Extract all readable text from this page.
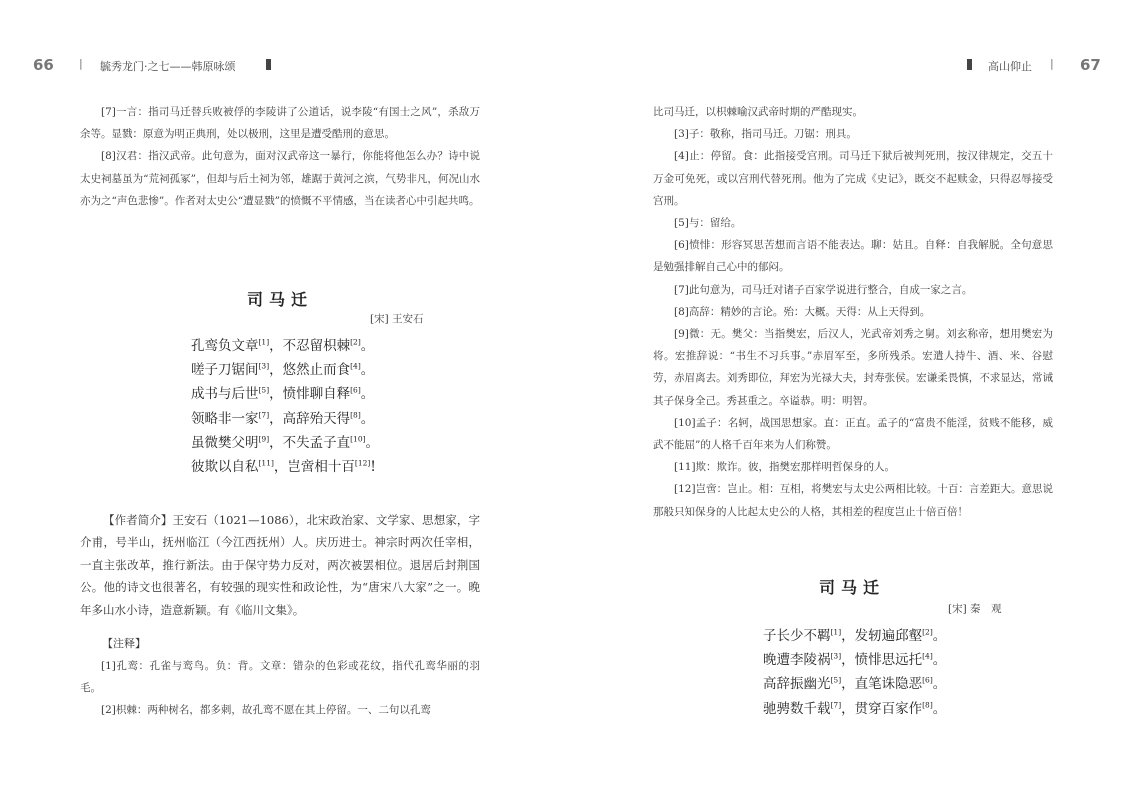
66 | 毓秀龙门·之七——韩原咏颂

[7]一言：指司马迁替兵败被俘的李陵讲了公道话，说李陵“有国士之风”，杀敌万余等。显戮：原意为明正典刑，处以极刑，这里是遭受酷刑的意思。

[8]汉君：指汉武帝。此句意为，面对汉武帝这一暴行，你能将他怎么办？诗中说太史祠墓虽为“荒祠孤冢”，但却与后土祠为邻，雄踞于黄河之滨，气势非凡，何况山水亦为之“声色悲惨”。作者对太史公“遭显戮”的愤慨不平情感，当在读者心中引起共鸣。

司马迁
[宋] 王安石
孔鸾负文章[1]，不忍留枳棘[2]。
嗟子刀锯间[3]，悠然止而食[4]。
成书与后世[5]，愤悱聊自释[6]。
领略非一家[7]，高辞殆天得[8]。
虽微樊父明[9]，不失孟子直[10]。
彼欺以自私[11]，岂啻相十百[12]!

【作者简介】王安石（1021—1086），北宋政治家、文学家、思想家，字介甫，号半山，抚州临江（今江西抚州）人。庆历进士。神宗时两次任宰相，一直主张改革，推行新法。由于保守势力反对，两次被罢相位。退居后封荆国公。他的诗文也很著名，有较强的现实性和政论性，为“唐宋八大家”之一。晚年多山水小诗，造意新颖。有《临川文集》。

【注释】

[1]孔鸾：孔雀与鸾鸟。负：背。文章：错杂的色彩或花纹，指代孔鸾华丽的羽毛。

[2]枳棘：两种树名，都多刺，故孔鸾不愿在其上停留。一、二句以孔鸾

高山仰止 | 67

比司马迁，以枳棘喻汉武帝时期的严酷现实。

[3]子：敬称，指司马迁。刀锯：刑具。

[4]止：停留。食：此指接受宫刑。司马迁下狱后被判死刑，按汉律规定，交五十万金可免死，或以宫刑代替死刑。他为了完成《史记》，既交不起赎金，只得忍辱接受宫刑。

[5]与：留给。

[6]愤悱：形容冥思苦想而言语不能表达。聊：姑且。自释：自我解脱。全句意思是勉强排解自己心中的郁闷。

[7]此句意为，司马迁对诸子百家学说进行整合，自成一家之言。

[8]高辞：精妙的言论。殆：大概。天得：从上天得到。

[9]微：无。樊父：当指樊宏，后汉人，光武帝刘秀之舅。刘玄称帝，想用樊宏为将。宏推辞说：“书生不习兵事。”赤眉军至，多所残杀。宏遣人持牛、酒、米、谷慰劳，赤眉离去。刘秀即位，拜宏为光禄大夫，封寿张侯。宏谦柔畏慎，不求显达，常诫其子保身全己。秀甚重之。卒谥恭。明：明智。

[10]孟子：名轲，战国思想家。直：正直。孟子的“富贵不能淫，贫贱不能移，威武不能屈”的人格千百年来为人们称赞。

[11]欺：欺诈。彼，指樊宏那样明哲保身的人。

[12]岂啻：岂止。相：互相，将樊宏与太史公两相比较。十百：言差距大。意思说那般只知保身的人比起太史公的人格，其相差的程度岂止十倍百倍！

司马迁
[宋] 秦　观
子长少不羁[1]，发轫遍邱壑[2]。
晚遭李陵祸[3]，愤悱思远托[4]。
高辞振幽光[5]，直笔诛隐恶[6]。
驰骋数千载[7]，贯穿百家作[8]。
